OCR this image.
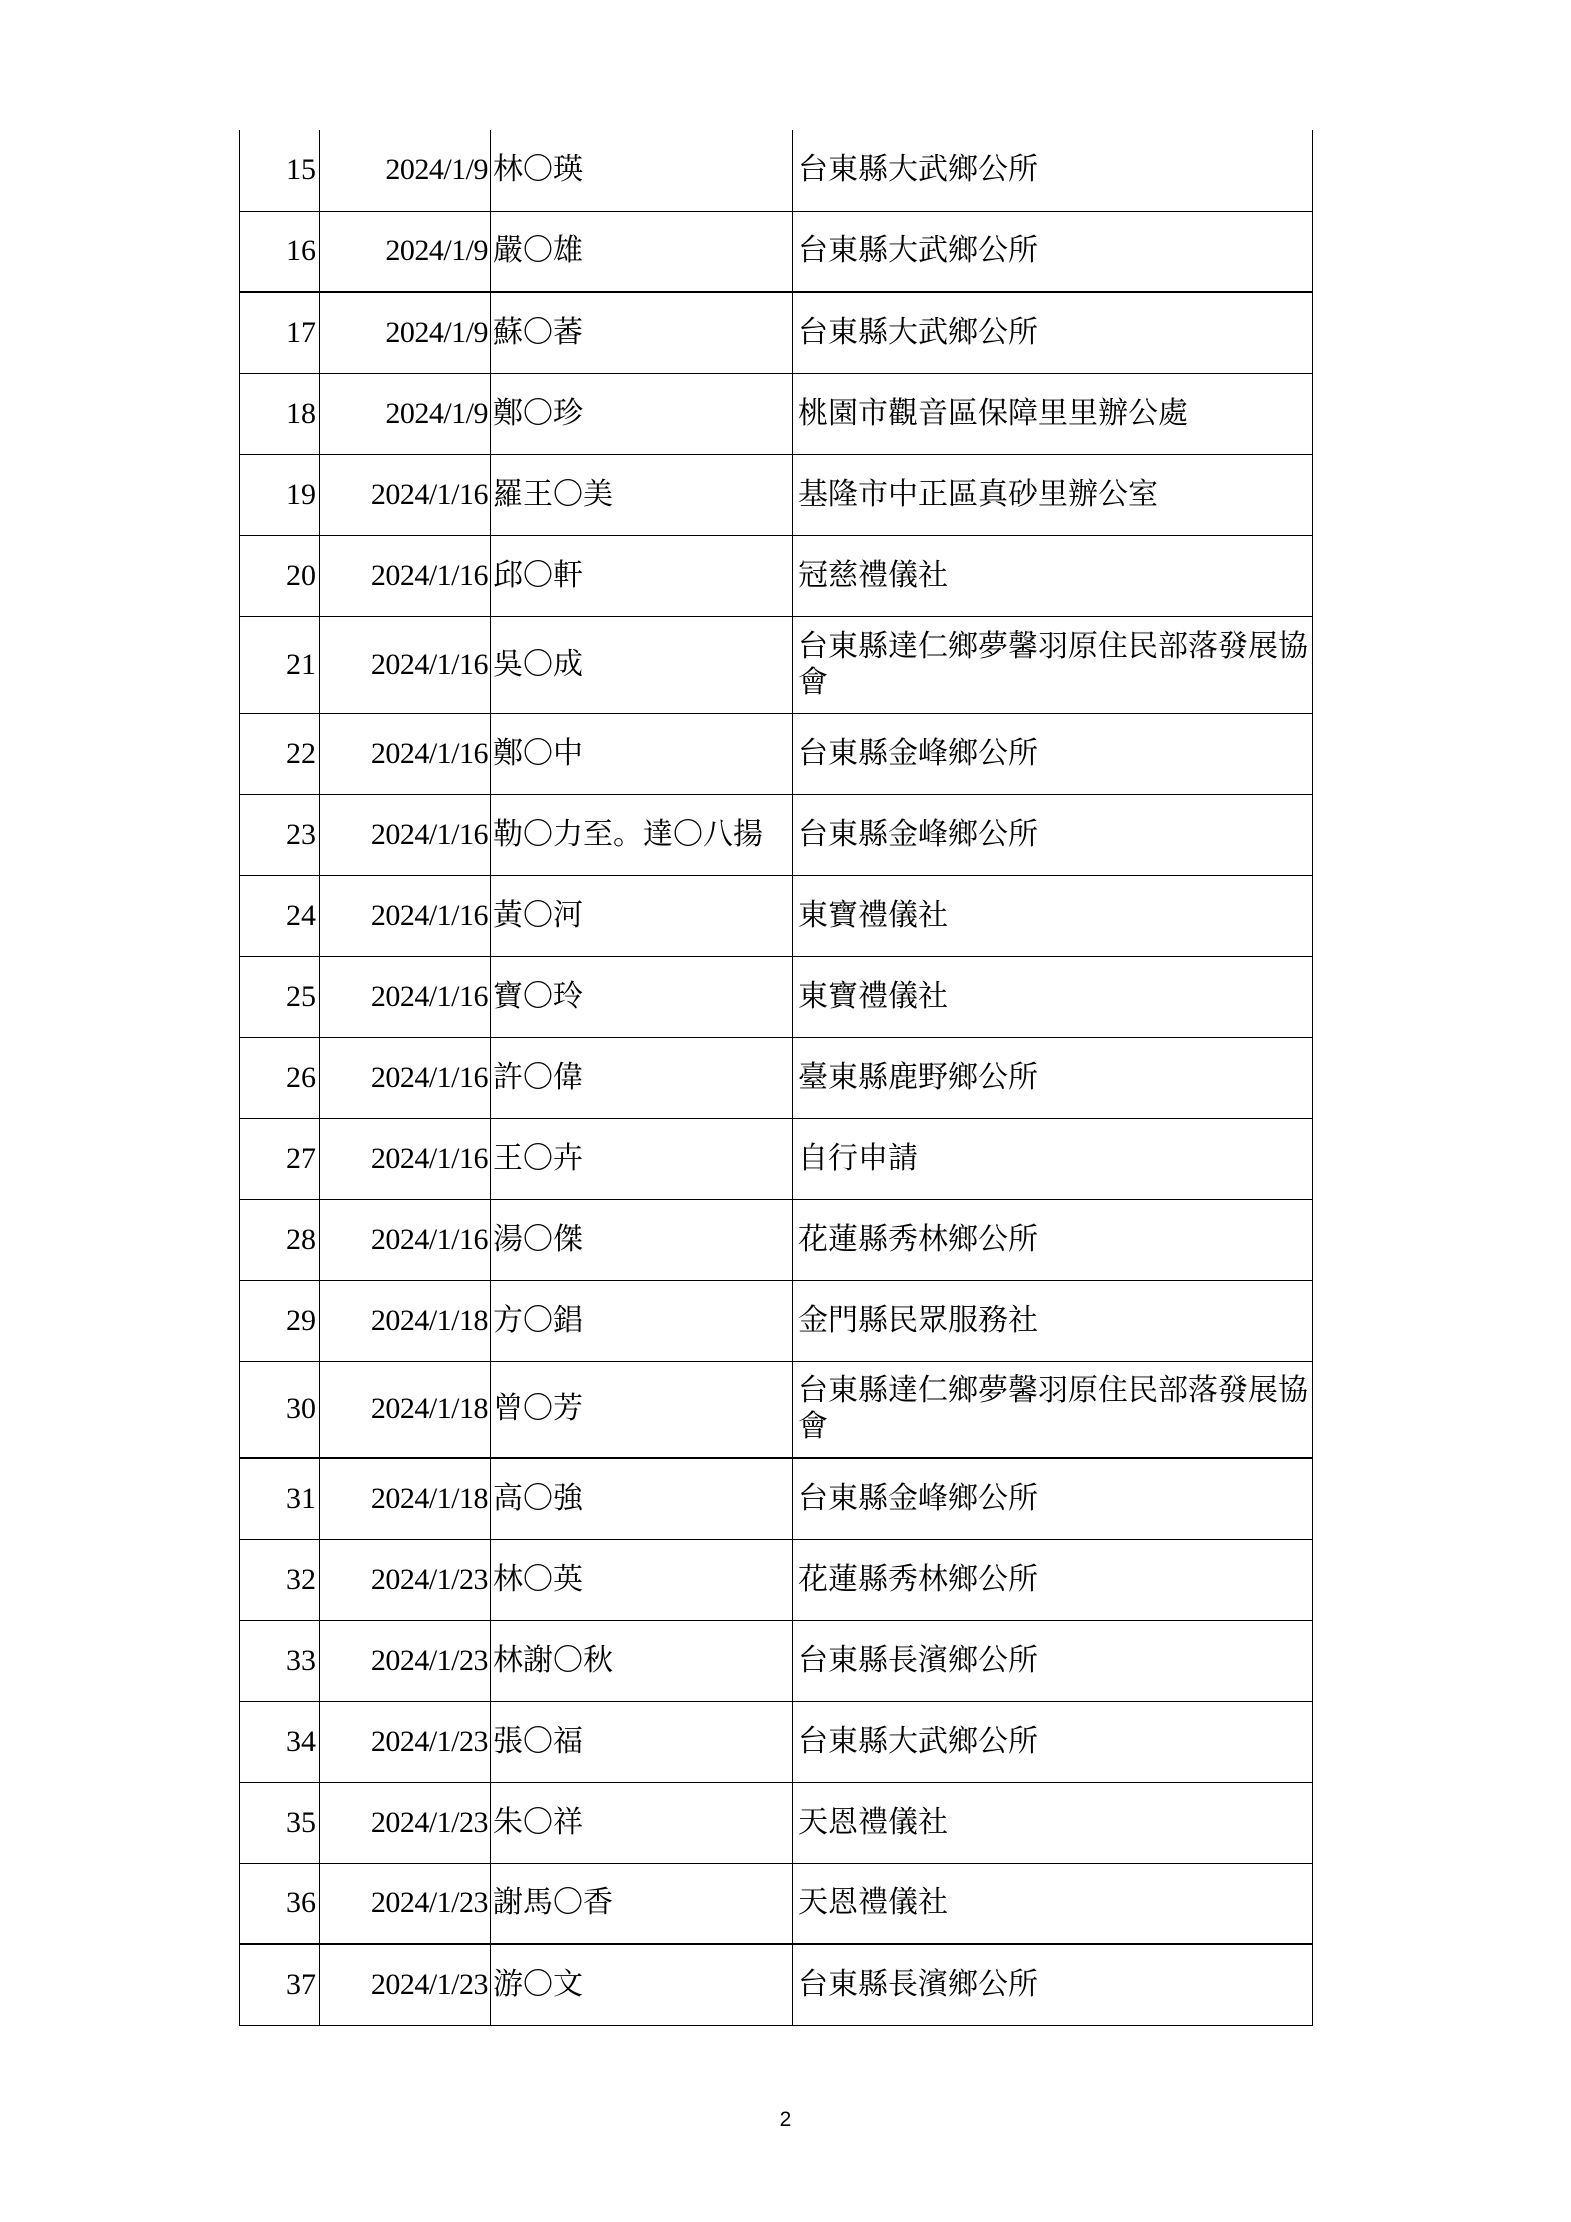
15	2024/1/9	林〇瑛	台東縣大武鄉公所
16	2024/1/9	嚴〇雄	台東縣大武鄉公所
17	2024/1/9	蘇〇萫	台東縣大武鄉公所
18	2024/1/9	鄭〇珍	桃園市觀音區保障里里辦公處
19	2024/1/16	羅王〇美	基隆市中正區真砂里辦公室
20	2024/1/16	邱〇軒	冠慈禮儀社
21	2024/1/16	吳〇成	台東縣達仁鄉夢馨羽原住民部落發展協會
22	2024/1/16	鄭〇中	台東縣金峰鄉公所
23	2024/1/16	勒〇力至。達〇八揚	台東縣金峰鄉公所
24	2024/1/16	黃〇河	東寶禮儀社
25	2024/1/16	寶〇玲	東寶禮儀社
26	2024/1/16	許〇偉	臺東縣鹿野鄉公所
27	2024/1/16	王〇卉	自行申請
28	2024/1/16	湯〇傑	花蓮縣秀林鄉公所
29	2024/1/18	方〇錩	金門縣民眾服務社
30	2024/1/18	曾〇芳	台東縣達仁鄉夢馨羽原住民部落發展協會
31	2024/1/18	高〇強	台東縣金峰鄉公所
32	2024/1/23	林〇英	花蓮縣秀林鄉公所
33	2024/1/23	林謝〇秋	台東縣長濱鄉公所
34	2024/1/23	張〇福	台東縣大武鄉公所
35	2024/1/23	朱〇祥	天恩禮儀社
36	2024/1/23	謝馬〇香	天恩禮儀社
37	2024/1/23	游〇文	台東縣長濱鄉公所
2
